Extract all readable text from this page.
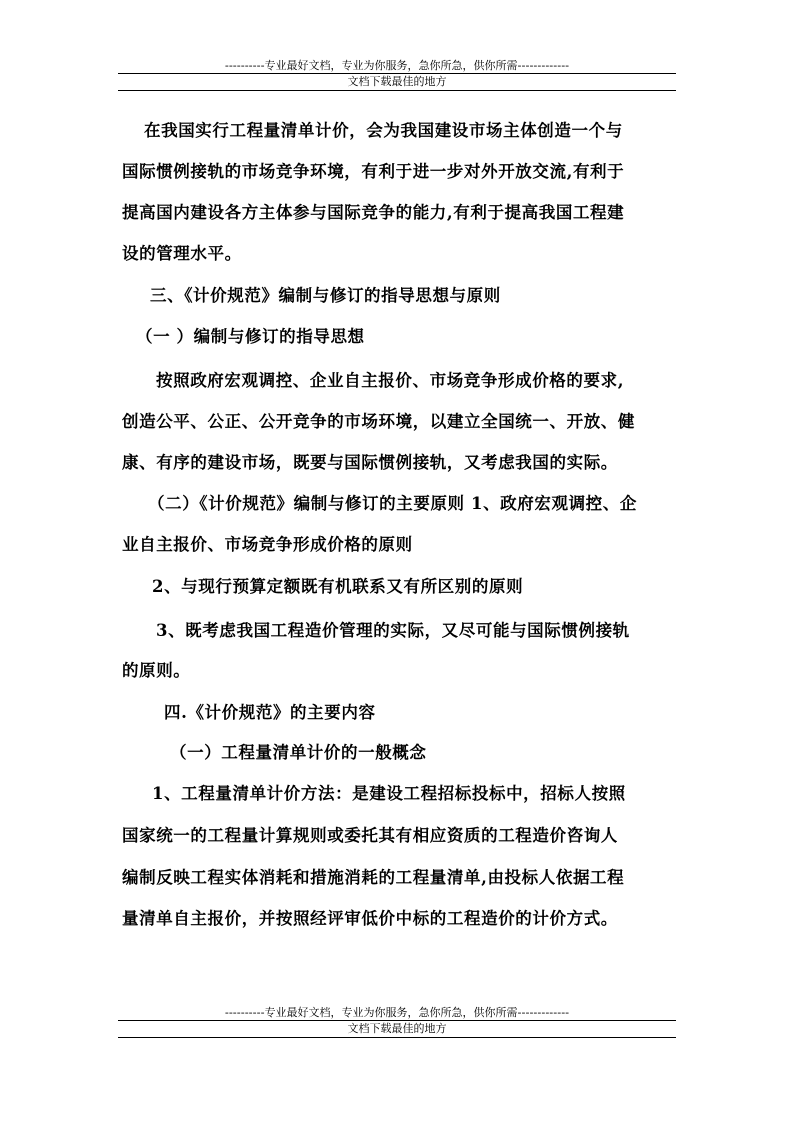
----------专业最好文档，专业为你服务，急你所急，供你所需-------------
文档下载最佳的地方
在我国实行工程量清单计价，会为我国建设市场主体创造一个与
国际惯例接轨的市场竞争环境，有利于进一步对外开放交流,有利于
提高国内建设各方主体参与国际竞争的能力,有利于提高我国工程建
设的管理水平。
三、《计价规范》编制与修订的指导思想与原则
（一 ）编制与修订的指导思想
按照政府宏观调控、企业自主报价、市场竞争形成价格的要求,
创造公平、公正、公开竞争的市场环境，以建立全国统一、开放、健
康、有序的建设市场，既要与国际惯例接轨，又考虑我国的实际。
（二）《计价规范》编制与修订的主要原则 1、政府宏观调控、企
业自主报价、市场竞争形成价格的原则
2、与现行预算定额既有机联系又有所区别的原则
3、既考虑我国工程造价管理的实际，又尽可能与国际惯例接轨
的原则。
四.《计价规范》的主要内容
（一）工程量清单计价的一般概念
1、工程量清单计价方法：是建设工程招标投标中，招标人按照
国家统一的工程量计算规则或委托其有相应资质的工程造价咨询人
编制反映工程实体消耗和措施消耗的工程量清单,由投标人依据工程
量清单自主报价，并按照经评审低价中标的工程造价的计价方式。
----------专业最好文档，专业为你服务，急你所急，供你所需-------------
文档下载最佳的地方
